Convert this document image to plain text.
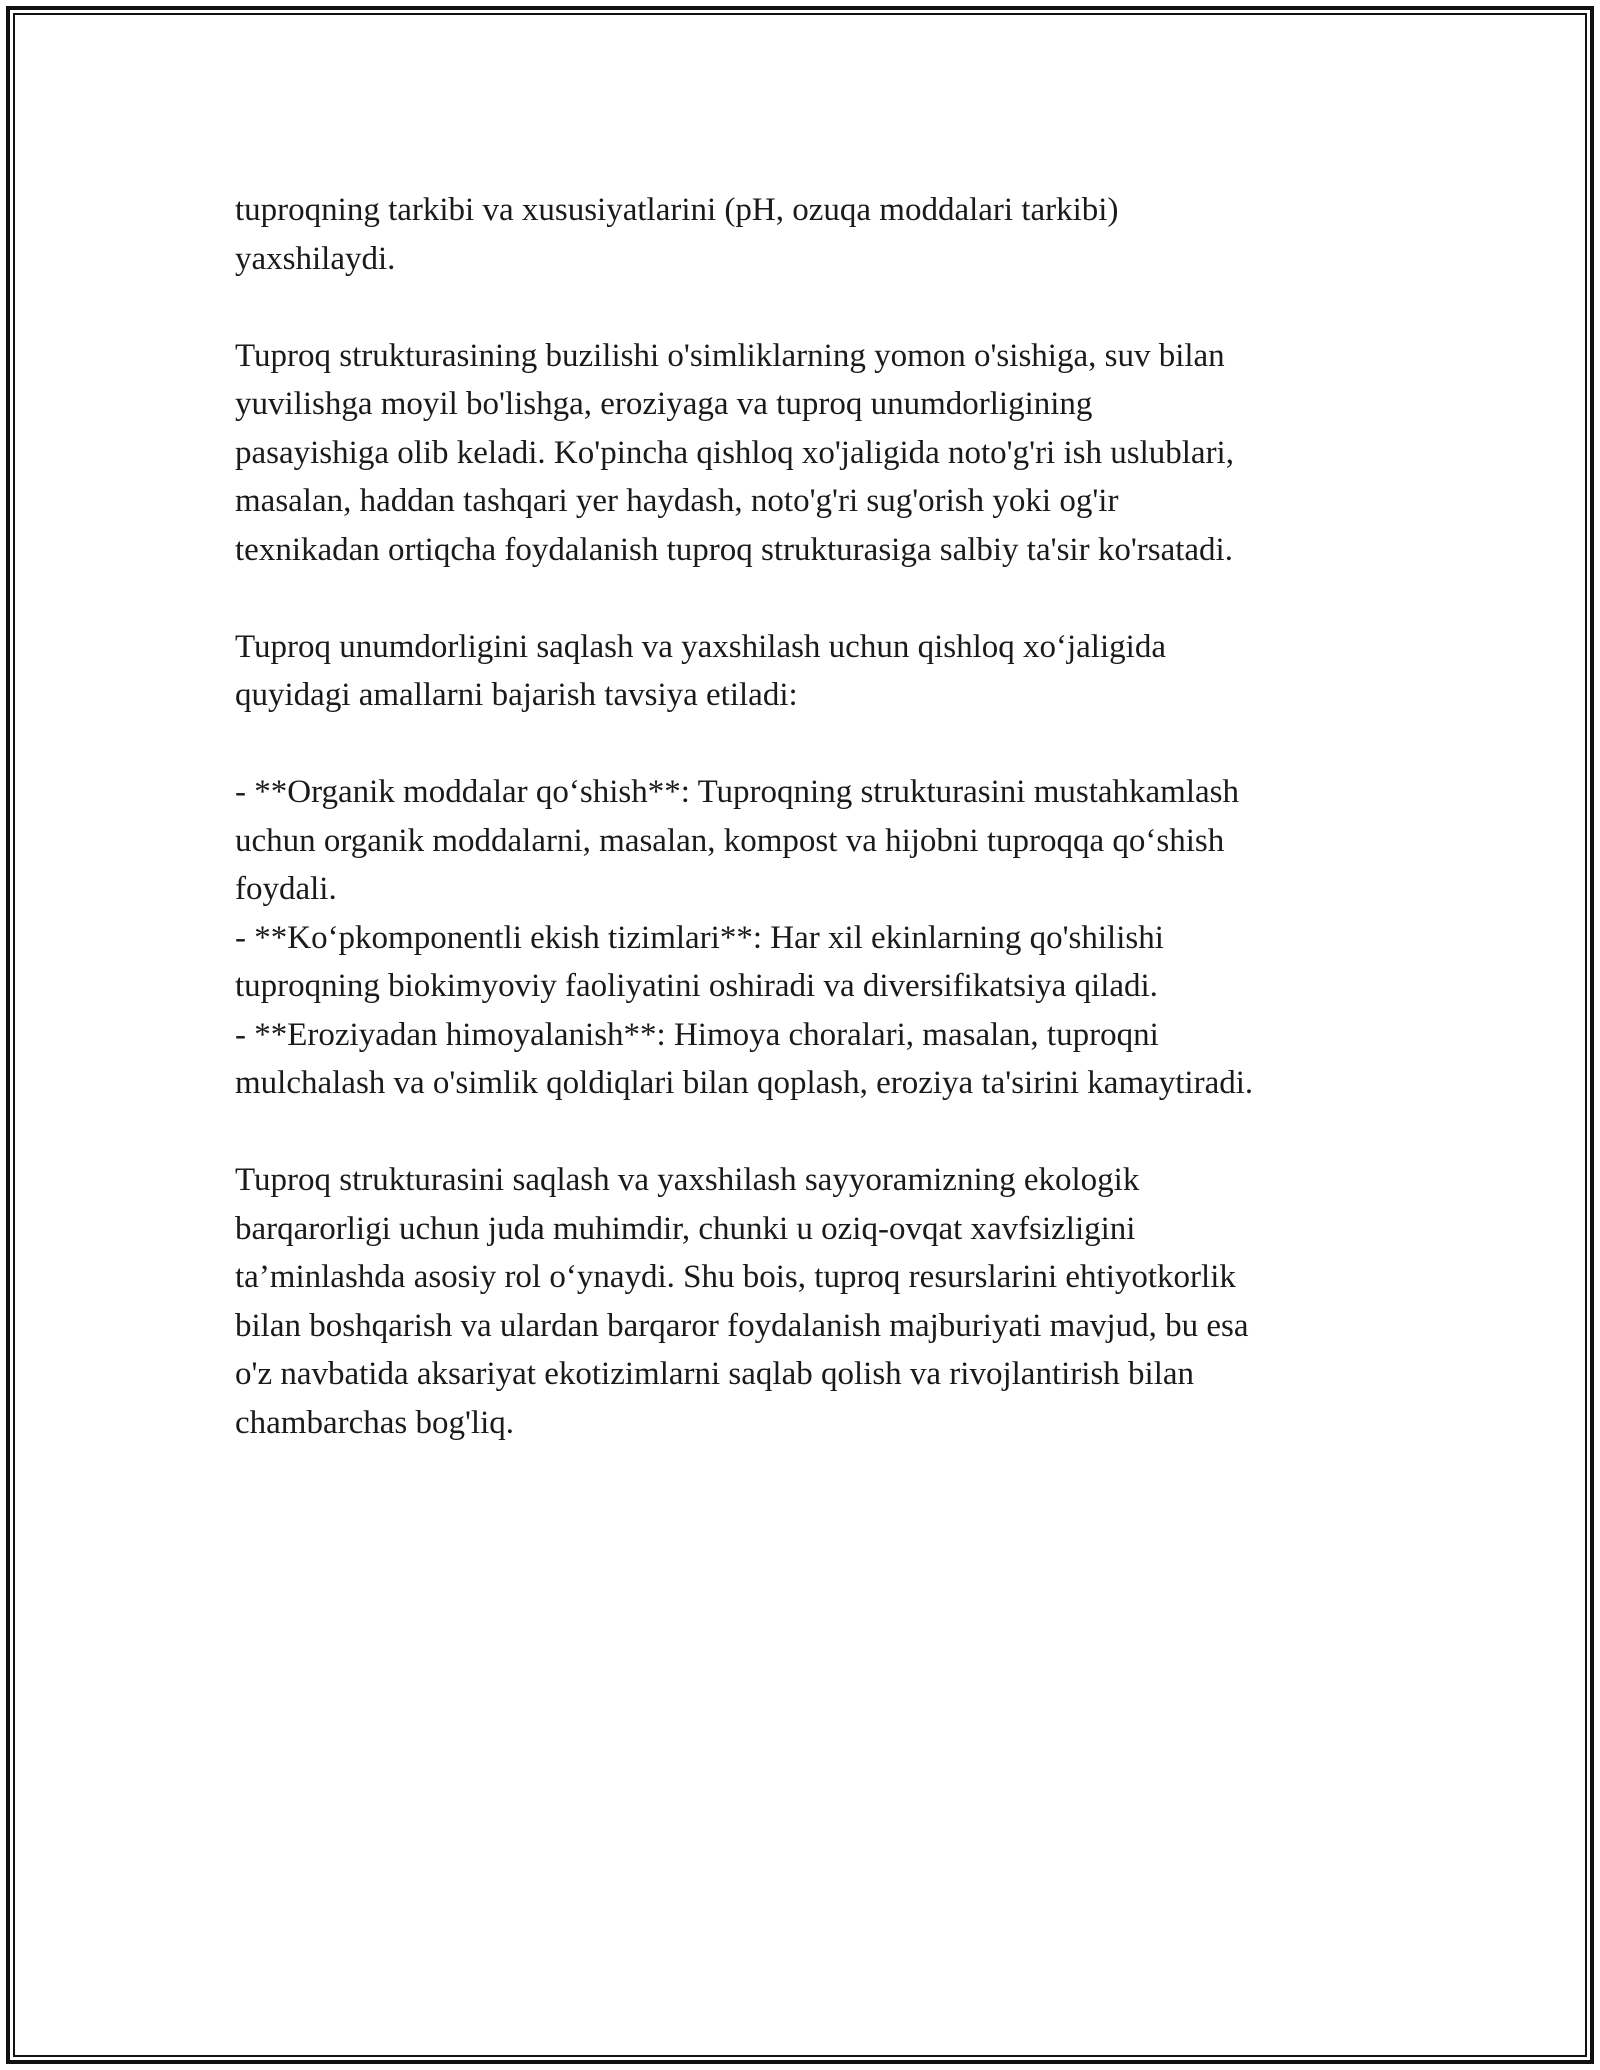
tuproqning tarkibi va xususiyatlarini (pH, ozuqa moddalari tarkibi)
yaxshilaydi.

Tuproq strukturasining buzilishi o'simliklarning yomon o'sishiga, suv bilan
yuvilishga moyil bo'lishga, eroziyaga va tuproq unumdorligining
pasayishiga olib keladi. Ko'pincha qishloq xo'jaligida noto'g'ri ish uslublari,
masalan, haddan tashqari yer haydash, noto'g'ri sug'orish yoki og'ir
texnikadan ortiqcha foydalanish tuproq strukturasiga salbiy ta'sir ko'rsatadi.

Tuproq unumdorligini saqlash va yaxshilash uchun qishloq xo‘jaligida
quyidagi amallarni bajarish tavsiya etiladi:

- **Organik moddalar qo‘shish**: Tuproqning strukturasini mustahkamlash
uchun organik moddalarni, masalan, kompost va hijobni tuproqqa qo‘shish
foydali.

- **Ko‘pkomponentli ekish tizimlari**: Har xil ekinlarning qo'shilishi
tuproqning biokimyoviy faoliyatini oshiradi va diversifikatsiya qiladi.

- **Eroziyadan himoyalanish**: Himoya choralari, masalan, tuproqni
mulchalash va o'simlik qoldiqlari bilan qoplash, eroziya ta'sirini kamaytiradi.

Tuproq strukturasini saqlash va yaxshilash sayyoramizning ekologik
barqarorligi uchun juda muhimdir, chunki u oziq-ovqat xavfsizligini
ta’minlashda asosiy rol o‘ynaydi. Shu bois, tuproq resurslarini ehtiyotkorlik
bilan boshqarish va ulardan barqaror foydalanish majburiyati mavjud, bu esa
o'z navbatida aksariyat ekotizimlarni saqlab qolish va rivojlantirish bilan
chambarchas bog'liq.
